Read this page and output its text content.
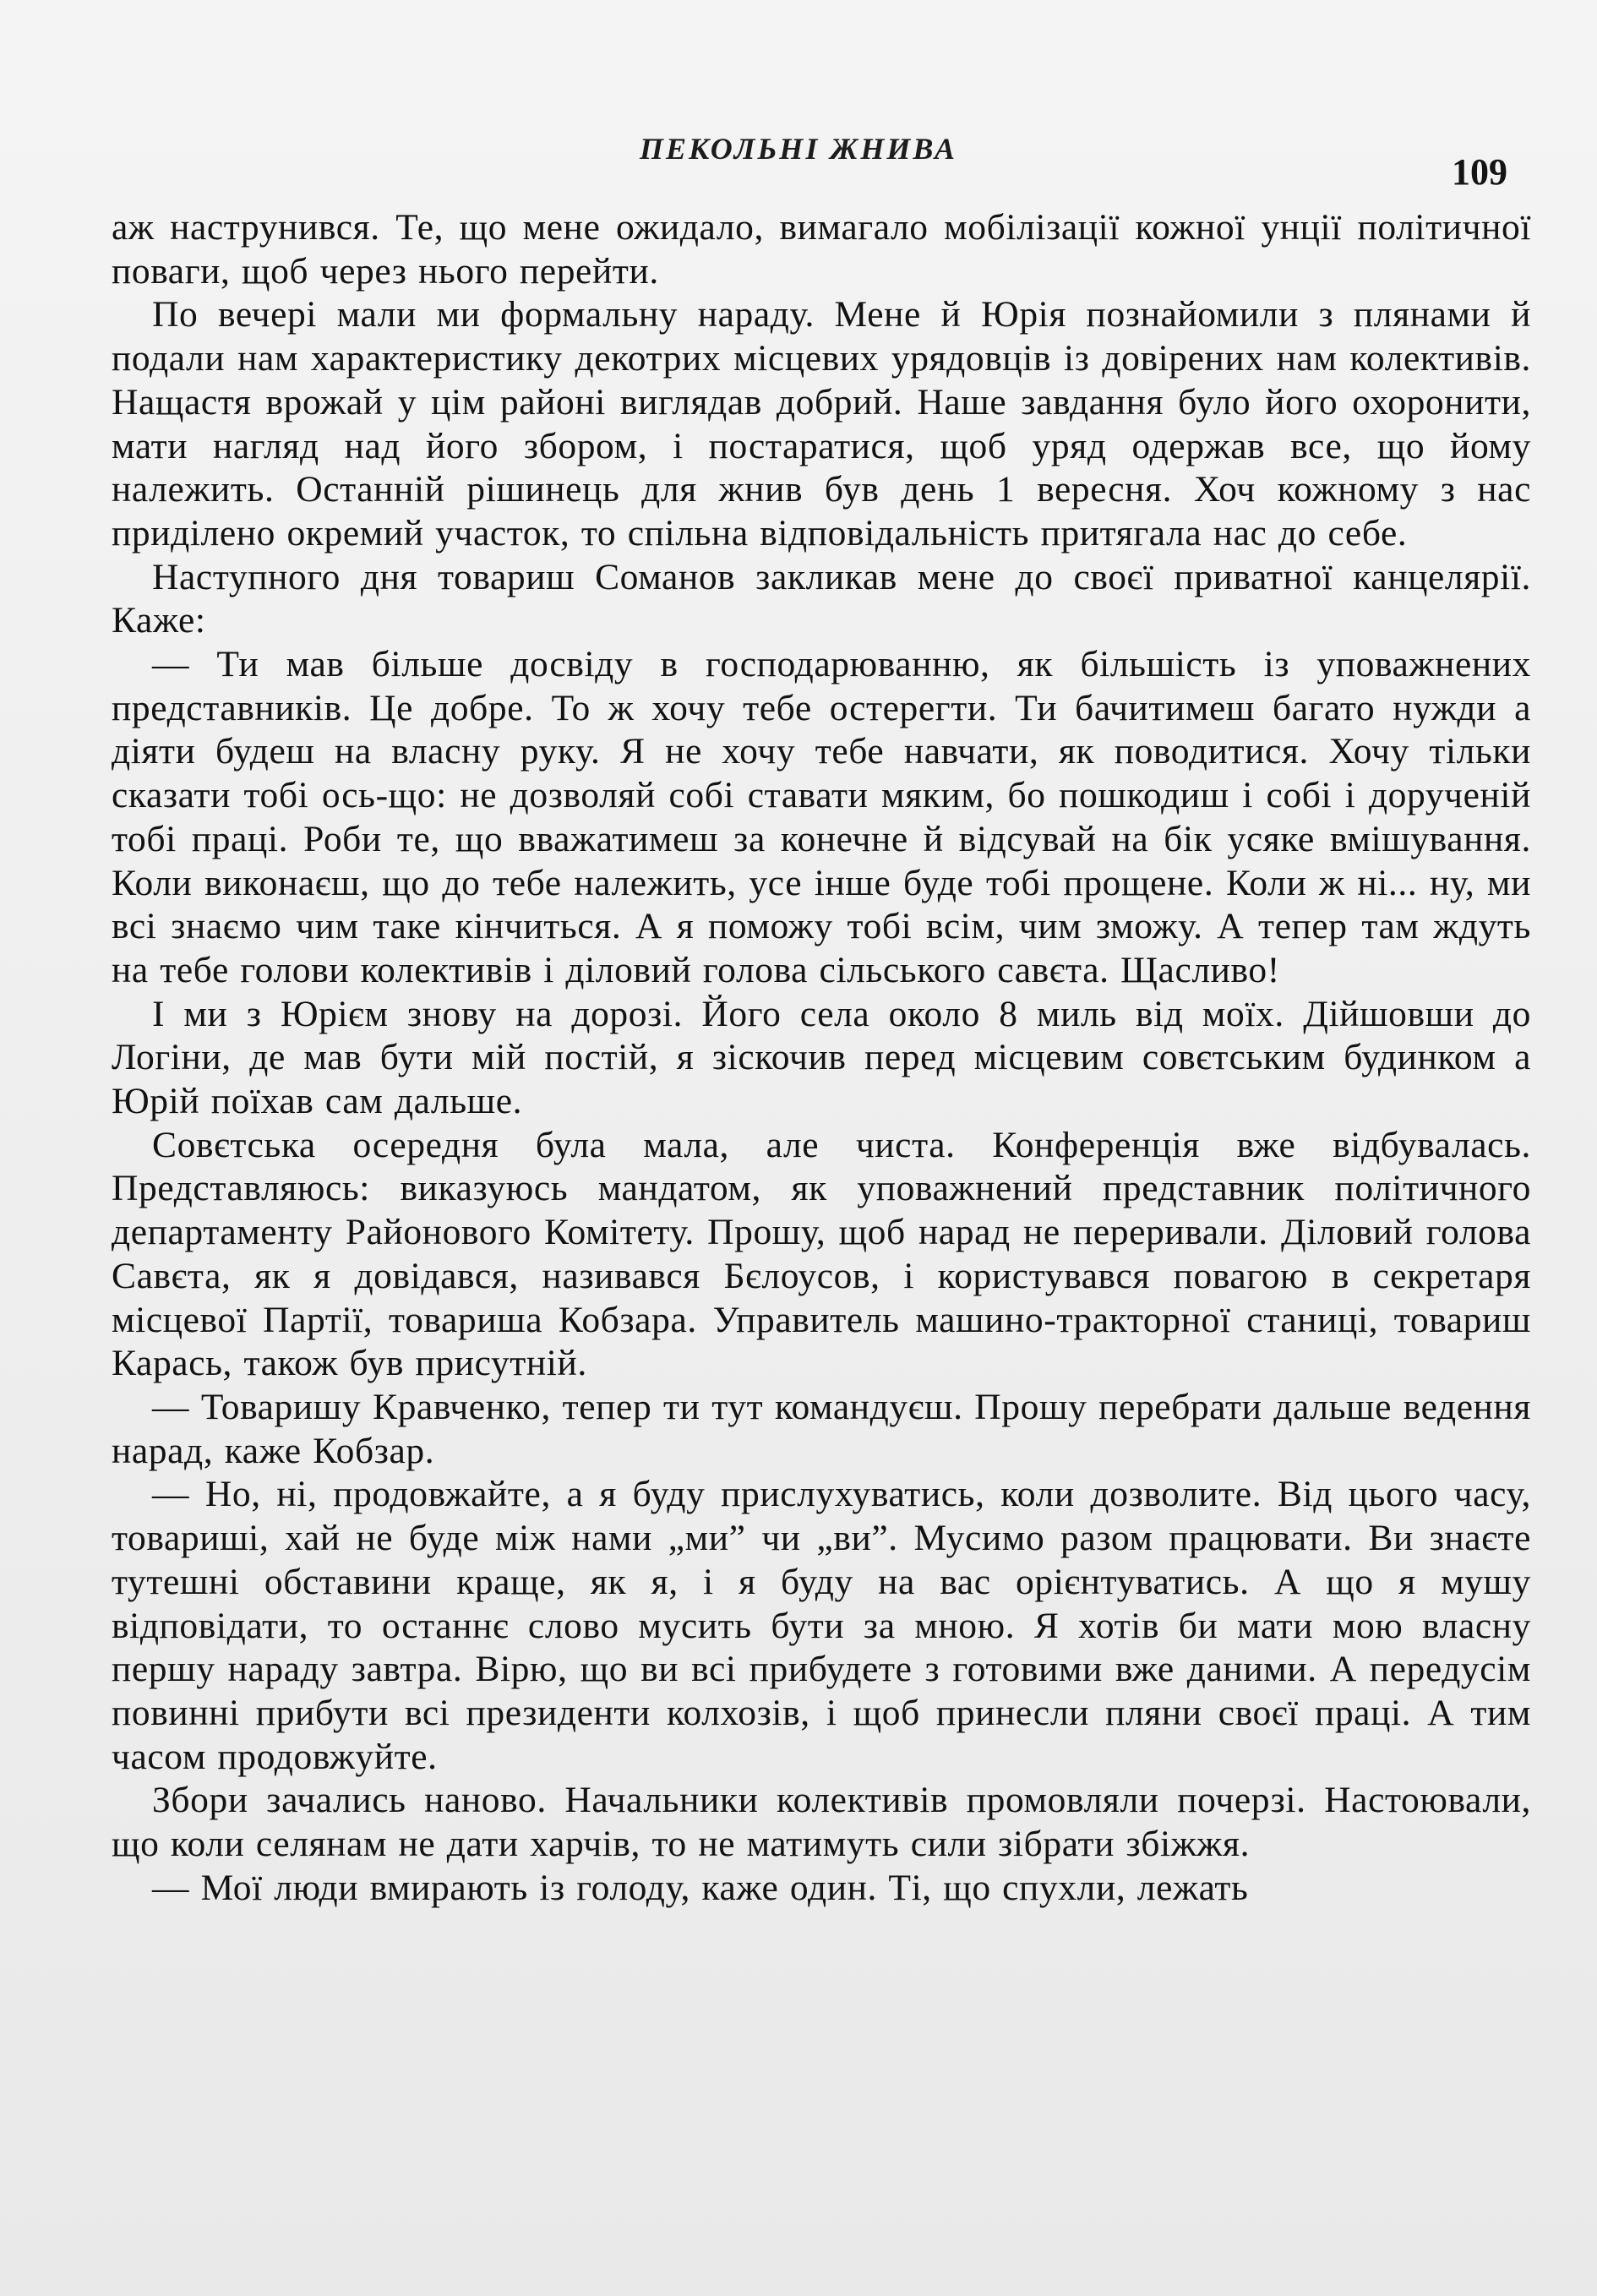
ПЕКОЛЬНІ ЖНИВА
109

аж наструнився. Те, що мене ожидало, вимагало мобілізації кожної унції політичної поваги, щоб через нього перейти.

По вечері мали ми формальну нараду. Мене й Юрія познайомили з плянами й подали нам характеристику декотрих місцевих урядовців із довірених нам колективів. Нащастя врожай у цім районі виглядав добрий. Наше завдання було його охоронити, мати нагляд над його збором, і постаратися, щоб уряд одержав все, що йому належить. Останній рішинець для жнив був день 1 вересня. Хоч кожному з нас приділено окремий участок, то спільна відповідальність притягала нас до себе.

Наступного дня товариш Соманов закликав мене до своєї приватної канцелярії. Каже:

— Ти мав більше досвіду в господарюванню, як більшість із уповажнених представників. Це добре. То ж хочу тебе остерегти. Ти бачитимеш багато нужди а діяти будеш на власну руку. Я не хочу тебе навчати, як поводитися. Хочу тільки сказати тобі ось-що: не дозволяй собі ставати мяким, бо пошкодиш і собі і дорученій тобі праці. Роби те, що вважатимеш за конечне й відсувай на бік усяке вмішування. Коли виконаєш, що до тебе належить, усе інше буде тобі прощене. Коли ж ні... ну, ми всі знаємо чим таке кінчиться. А я поможу тобі всім, чим зможу. А тепер там ждуть на тебе голови колективів і діловий голова сільського савєта. Щасливо!

І ми з Юрієм знову на дорозі. Його села около 8 миль від моїх. Дійшовши до Логіни, де мав бути мій постій, я зіскочив перед місцевим совєтським будинком а Юрій поїхав сам дальше.

Совєтська осередня була мала, але чиста. Конференція вже відбувалась. Представляюсь: виказуюсь мандатом, як уповажнений представник політичного департаменту Районового Комітету. Прошу, щоб нарад не переривали. Діловий голова Савєта, як я довідався, називався Бєлоусов, і користувався повагою в секретаря місцевої Партії, товариша Кобзара. Управитель машино-тракторної станиці, товариш Карась, також був присутній.

— Товаришу Кравченко, тепер ти тут командуєш. Прошу перебрати дальше ведення нарад, каже Кобзар.

— Но, ні, продовжайте, а я буду прислухуватись, коли дозволите. Від цього часу, товариші, хай не буде між нами „ми” чи „ви”. Мусимо разом працювати. Ви знаєте тутешні обставини краще, як я, і я буду на вас орієнтуватись. А що я мушу відповідати, то останнє слово мусить бути за мною. Я хотів би мати мою власну першу нараду завтра. Вірю, що ви всі прибудете з готовими вже даними. А передусім повинні прибути всі президенти колхозів, і щоб принесли пляни своєї праці. А тим часом продовжуйте.

Збори зачались наново. Начальники колективів промовляли почерзі. Настоювали, що коли селянам не дати харчів, то не матимуть сили зібрати збіжжя.

— Мої люди вмирають із голоду, каже один. Ті, що спухли, лежать
